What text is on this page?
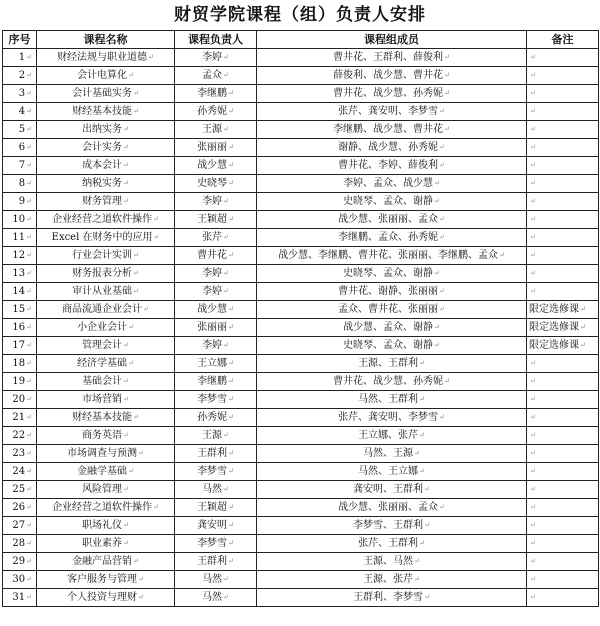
财贸学院课程（组）负责人安排
序号	课程名称	课程负责人	课程组成员	备注
1↵	财经法规与职业道德↵	李婷↵	曹井花、王群利、薛俊利↵	↵
2↵	会计电算化↵	孟众↵	薛俊利、战少慧、曹井花↵	↵
3↵	会计基础实务↵	李继鹏↵	曹井花、战少慧、孙秀妮↵	↵
4↵	财经基本技能↵	孙秀妮↵	张芹、龚安明、李梦雪↵	↵
5↵	出纳实务↵	王源↵	李继鹏、战少慧、曹井花↵	↵
6↵	会计实务↵	张丽丽↵	谢静、战少慧、孙秀妮↵	↵
7↵	成本会计↵	战少慧↵	曹井花、李婷、薛俊利↵	↵
8↵	纳税实务↵	史晓琴↵	李婷、孟众、战少慧↵	↵
9↵	财务管理↵	李婷↵	史晓琴、孟众、谢静↵	↵
10↵	企业经营之道软件操作↵	王颖超↵	战少慧、张丽丽、孟众↵	↵
11↵	Excel 在财务中的应用↵	张芹↵	李继鹏、孟众、孙秀妮↵	↵
12↵	行业会计实训↵	曹井花↵	战少慧、李继鹏、曹井花、张丽丽、李继鹏、孟众↵	↵
13↵	财务报表分析↵	李婷↵	史晓琴、孟众、谢静↵	↵
14↵	审计从业基础↵	李婷↵	曹井花、谢静、张丽丽↵	↵
15↵	商品流通企业会计↵	战少慧↵	孟众、曹井花、张丽丽↵	限定选修课↵
16↵	小企业会计↵	张丽丽↵	战少慧、孟众、谢静↵	限定选修课↵
17↵	管理会计↵	李婷↵	史晓琴、孟众、谢静↵	限定选修课↵
18↵	经济学基础↵	王立娜↵	王源、王群利↵	↵
19↵	基础会计↵	李继鹏↵	曹井花、战少慧、孙秀妮↵	↵
20↵	市场营销↵	李梦雪↵	马然、王群利↵	↵
21↵	财经基本技能↵	孙秀妮↵	张芹、龚安明、李梦雪↵	↵
22↵	商务英语↵	王源↵	王立娜、张芹↵	↵
23↵	市场调查与预测↵	王群利↵	马然、王源↵	↵
24↵	金融学基础↵	李梦雪↵	马然、王立娜↵	↵
25↵	风险管理↵	马然↵	龚安明、王群利↵	↵
26↵	企业经营之道软件操作↵	王颖超↵	战少慧、张丽丽、孟众↵	↵
27↵	职场礼仪↵	龚安明↵	李梦雪、王群利↵	↵
28↵	职业素养↵	李梦雪↵	张芹、王群利↵	↵
29↵	金融产品营销↵	王群利↵	王源、马然↵	↵
30↵	客户服务与管理↵	马然↵	王源、张芹↵	↵
31↵	个人投资与理财↵	马然↵	王群利、李梦雪↵	↵
